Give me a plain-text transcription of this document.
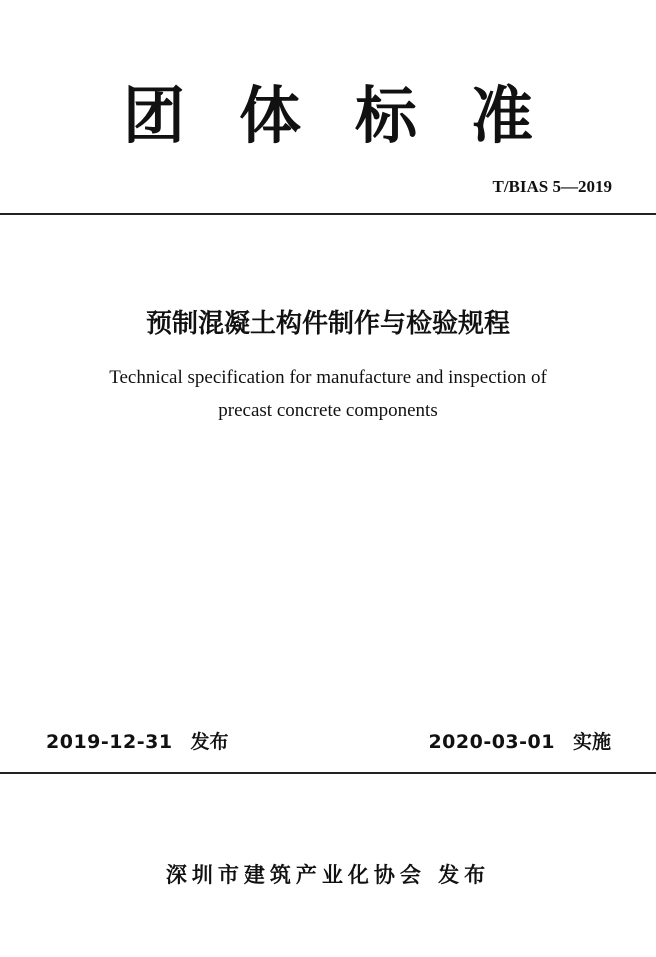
团体标准
T/BIAS 5—2019
预制混凝土构件制作与检验规程
Technical specification for manufacture and inspection of
precast concrete components
2019-12-31 发布	2020-03-01 实施
深圳市建筑产业化协会 发布
